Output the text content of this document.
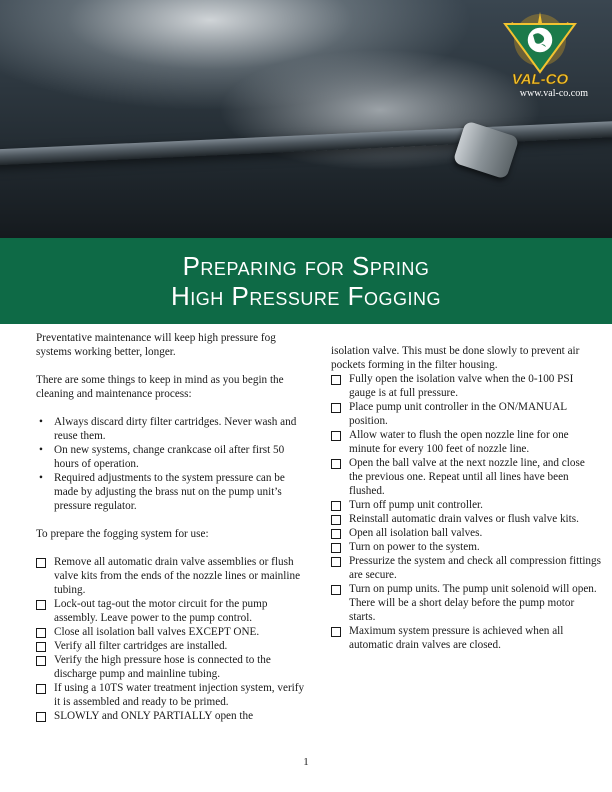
VAL-CO
www.val-co.com
Preparing for Spring
High Pressure Fogging

Preventative maintenance will keep high pressure fog systems working better, longer.

There are some things to keep in mind as you begin the cleaning and maintenance process:

• Always discard dirty filter cartridges. Never wash and reuse them.
• On new systems, change crankcase oil after first 50 hours of operation.
• Required adjustments to the system pressure can be made by adjusting the brass nut on the pump unit’s pressure regulator.

To prepare the fogging system for use:

Remove all automatic drain valve assemblies or flush valve kits from the ends of the nozzle lines or mainline tubing.
Lock-out tag-out the motor circuit for the pump assembly. Leave power to the pump control.
Close all isolation ball valves EXCEPT ONE.
Verify all filter cartridges are installed.
Verify the high pressure hose is connected to the discharge pump and mainline tubing.
If using a 10TS water treatment injection system, verify it is assembled and ready to be primed.
SLOWLY and ONLY PARTIALLY open the

isolation valve. This must be done slowly to prevent air pockets forming in the filter housing.

Fully open the isolation valve when the 0-100 PSI gauge is at full pressure.
Place pump unit controller in the ON/MANUAL position.
Allow water to flush the open nozzle line for one minute for every 100 feet of nozzle line.
Open the ball valve at the next nozzle line, and close the previous one. Repeat until all lines have been flushed.
Turn off pump unit controller.
Reinstall automatic drain valves or flush valve kits.
Open all isolation ball valves.
Turn on power to the system.
Pressurize the system and check all compression fittings are secure.
Turn on pump units. The pump unit solenoid will open. There will be a short delay before the pump motor starts.
Maximum system pressure is achieved when all automatic drain valves are closed.
1
